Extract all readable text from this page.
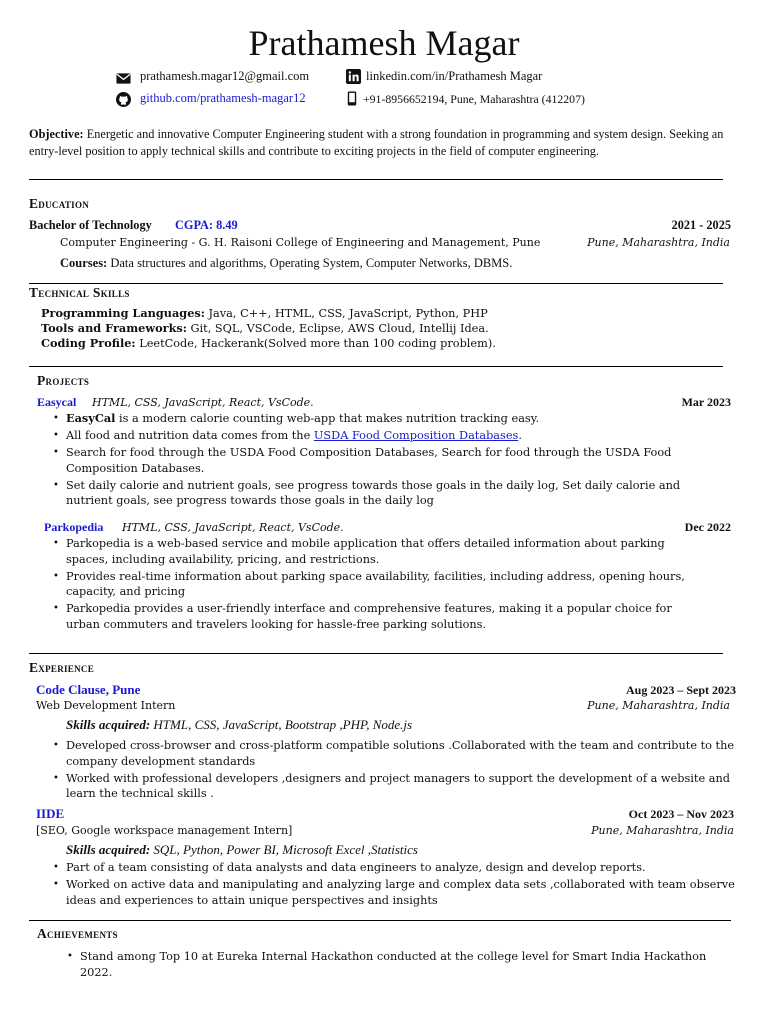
Prathamesh Magar
prathamesh.magar12@gmail.com	linkedin.com/in/Prathamesh Magar
github.com/prathamesh-magar12	+91-8956652194, Pune, Maharashtra (412207)
Objective: Energetic and innovative Computer Engineering student with a strong foundation in programming and system design. Seeking an entry-level position to apply technical skills and contribute to exciting projects in the field of computer engineering.
Education
Bachelor of Technology CGPA: 8.49	2021 - 2025
Computer Engineering - G. H. Raisoni College of Engineering and Management, Pune	Pune, Maharashtra, India
Courses: Data structures and algorithms, Operating System, Computer Networks, DBMS.
Technical Skills
Programming Languages: Java, C++, HTML, CSS, JavaScript, Python, PHP
Tools and Frameworks: Git, SQL, VSCode, Eclipse, AWS Cloud, Intellij Idea.
Coding Profile: LeetCode, Hackerank(Solved more than 100 coding problem).
Projects
Easycal HTML, CSS, JavaScript, React, VsCode.	Mar 2023
• EasyCal is a modern calorie counting web-app that makes nutrition tracking easy.
• All food and nutrition data comes from the USDA Food Composition Databases.
• Search for food through the USDA Food Composition Databases, Search for food through the USDA Food Composition Databases.
• Set daily calorie and nutrient goals, see progress towards those goals in the daily log, Set daily calorie and nutrient goals, see progress towards those goals in the daily log
Parkopedia HTML, CSS, JavaScript, React, VsCode.	Dec 2022
• Parkopedia is a web-based service and mobile application that offers detailed information about parking spaces, including availability, pricing, and restrictions.
• Provides real-time information about parking space availability, facilities, including address, opening hours, capacity, and pricing
• Parkopedia provides a user-friendly interface and comprehensive features, making it a popular choice for urban commuters and travelers looking for hassle-free parking solutions.
Experience
Code Clause, Pune	Aug 2023 – Sept 2023
Web Development Intern	Pune, Maharashtra, India
Skills acquired: HTML, CSS, JavaScript, Bootstrap ,PHP, Node.js
• Developed cross-browser and cross-platform compatible solutions .Collaborated with the team and contribute to the company development standards
• Worked with professional developers ,designers and project managers to support the development of a website and learn the technical skills .
IIDE	Oct 2023 – Nov 2023
[SEO, Google workspace management Intern]	Pune, Maharashtra, India
Skills acquired: SQL, Python, Power BI, Microsoft Excel ,Statistics
• Part of a team consisting of data analysts and data engineers to analyze, design and develop reports.
• Worked on active data and manipulating and analyzing large and complex data sets ,collaborated with team observe ideas and experiences to attain unique perspectives and insights
Achievements
• Stand among Top 10 at Eureka Internal Hackathon conducted at the college level for Smart India Hackathon 2022.
